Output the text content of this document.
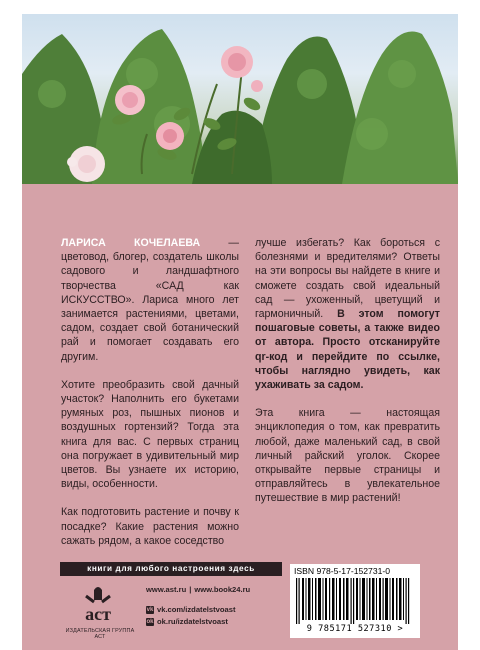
ЛАРИСА КОЧЕЛАЕВА — цветовод, блогер, создатель школы садового и ландшафтного творчества «САД как ИСКУССТВО». Лариса много лет занимается растениями, цветами, садом, создает свой ботанический рай и помогает создавать его другим.

Хотите преобразить свой дачный участок? Наполнить его букетами румяных роз, пышных пионов и воздушных гортензий? Тогда эта книга для вас. С первых страниц она погружает в удивительный мир цветов. Вы узнаете их историю, виды, особенности.

Как подготовить растение и почву к посадке? Какие растения можно сажать рядом, а какое соседство

лучше избегать? Как бороться с болезнями и вредителями? Ответы на эти вопросы вы найдете в книге и сможете создать свой идеальный сад — ухоженный, цветущий и гармоничный. В этом помогут пошаговые советы, а также видео от автора. Просто отсканируйте qr-код и перейдите по ссылке, чтобы наглядно увидеть, как ухаживать за садом.

Эта книга — настоящая энциклопедия о том, как превратить любой, даже маленький сад, в свой личный райский уголок. Скорее открывайте первые страницы и отправляйтесь в увлекательное путешествие в мир растений!

книги для любого настроения здесь
аст
ИЗДАТЕЛЬСКАЯ ГРУППА АСТ
www.ast.ru | www.book24.ru
vk vk.com/izdatelstvoast
ok ok.ru/izdatelstvoast
ISBN 978-5-17-152731-0
9 785171 527310 >
